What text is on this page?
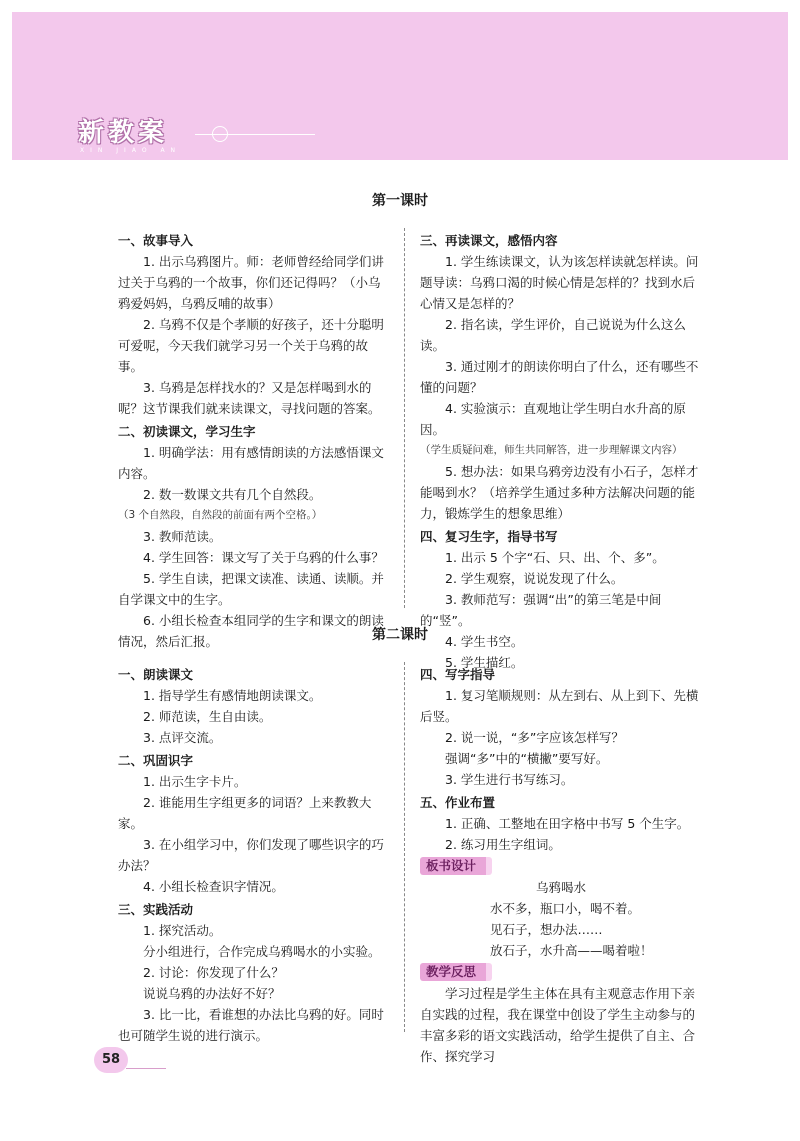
新教案
XIN JIAO AN
第一课时

一、故事导入

1. 出示乌鸦图片。师：老师曾经给同学们讲过关于乌鸦的一个故事，你们还记得吗？（小乌鸦爱妈妈，乌鸦反哺的故事）

2. 乌鸦不仅是个孝顺的好孩子，还十分聪明可爱呢，今天我们就学习另一个关于乌鸦的故事。

3. 乌鸦是怎样找水的？又是怎样喝到水的呢？这节课我们就来读课文，寻找问题的答案。

二、初读课文，学习生字

1. 明确学法：用有感情朗读的方法感悟课文内容。

2. 数一数课文共有几个自然段。

（3 个自然段，自然段的前面有两个空格。）

3. 教师范读。

4. 学生回答：课文写了关于乌鸦的什么事？

5. 学生自读，把课文读准、读通、读顺。并自学课文中的生字。

6. 小组长检查本组同学的生字和课文的朗读情况，然后汇报。

三、再读课文，感悟内容

1. 学生练读课文，认为该怎样读就怎样读。问题导读：乌鸦口渴的时候心情是怎样的？找到水后心情又是怎样的？

2. 指名读，学生评价，自己说说为什么这么读。

3. 通过刚才的朗读你明白了什么，还有哪些不懂的问题？

4. 实验演示：直观地让学生明白水升高的原因。

（学生质疑问难，师生共同解答，进一步理解课文内容）

5. 想办法：如果乌鸦旁边没有小石子，怎样才能喝到水？（培养学生通过多种方法解决问题的能力，锻炼学生的想象思维）

四、复习生字，指导书写

1. 出示 5 个字“石、只、出、个、多”。

2. 学生观察，说说发现了什么。

3. 教师范写：强调“出”的第三笔是中间的“竖”。

4. 学生书空。

5. 学生描红。

第二课时

一、朗读课文

1. 指导学生有感情地朗读课文。

2. 师范读，生自由读。

3. 点评交流。

二、巩固识字

1. 出示生字卡片。

2. 谁能用生字组更多的词语？上来教教大家。

3. 在小组学习中，你们发现了哪些识字的巧办法？

4. 小组长检查识字情况。

三、实践活动

1. 探究活动。

分小组进行，合作完成乌鸦喝水的小实验。

2. 讨论：你发现了什么？

说说乌鸦的办法好不好？

3. 比一比，看谁想的办法比乌鸦的好。同时也可随学生说的进行演示。

四、写字指导

1. 复习笔顺规则：从左到右、从上到下、先横后竖。

2. 说一说，“多”字应该怎样写？

强调“多”中的“横撇”要写好。

3. 学生进行书写练习。

五、作业布置

1. 正确、工整地在田字格中书写 5 个生字。

2. 练习用生字组词。

板书设计

乌鸦喝水

水不多，瓶口小，喝不着。

见石子，想办法……

放石子，水升高——喝着啦！

教学反思

学习过程是学生主体在具有主观意志作用下亲自实践的过程，我在课堂中创设了学生主动参与的丰富多彩的语文实践活动，给学生提供了自主、合作、探究学习

58
